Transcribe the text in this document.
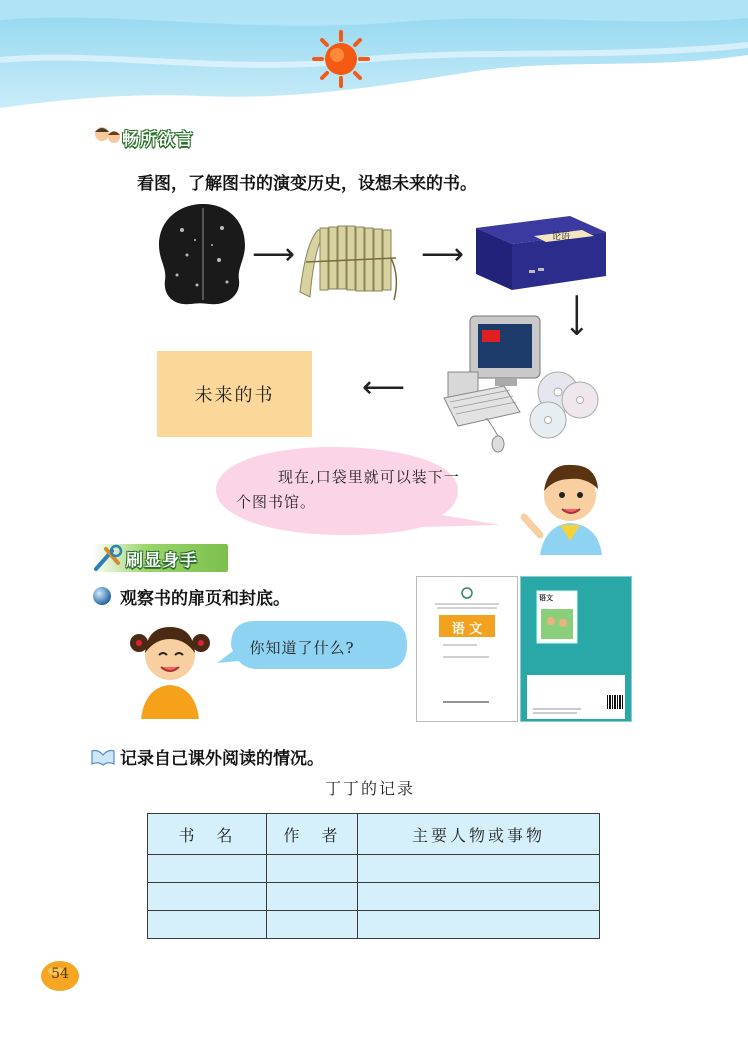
畅所欲言
看图，了解图书的演变历史，设想未来的书。
⟶	⟶	论语
⟶
⟵
未来的书
现在,口袋里就可以装下一个图书馆。
刷显身手
观察书的扉页和封底。
你知道了什么?
语 文
语文
记录自己课外阅读的情况。
丁丁的记录
书　名	作　者	主要人物或事物

54
